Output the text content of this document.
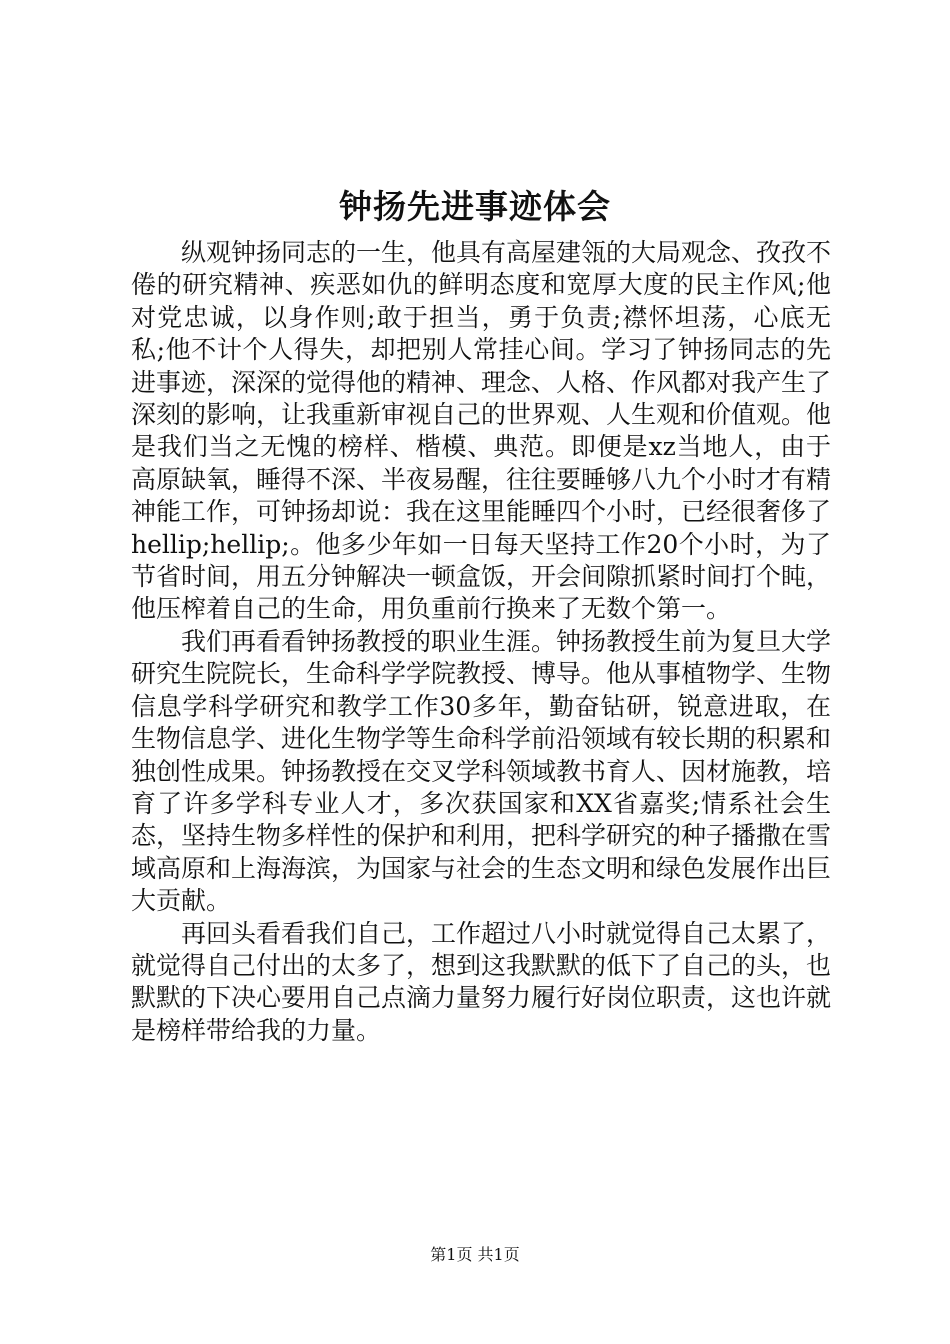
钟扬先进事迹体会

纵观钟扬同志的一生，他具有高屋建瓴的大局观念、孜孜不倦的研究精神、疾恶如仇的鲜明态度和宽厚大度的民主作风;他对党忠诚，以身作则;敢于担当，勇于负责;襟怀坦荡，心底无私;他不计个人得失，却把别人常挂心间。学习了钟扬同志的先进事迹，深深的觉得他的精神、理念、人格、作风都对我产生了深刻的影响，让我重新审视自己的世界观、人生观和价值观。他是我们当之无愧的榜样、楷模、典范。即便是xz当地人，由于高原缺氧，睡得不深、半夜易醒，往往要睡够八九个小时才有精神能工作，可钟扬却说：我在这里能睡四个小时，已经很奢侈了hellip;hellip;。他多少年如一日每天坚持工作20个小时，为了节省时间，用五分钟解决一顿盒饭，开会间隙抓紧时间打个盹，他压榨着自己的生命，用负重前行换来了无数个第一。

我们再看看钟扬教授的职业生涯。钟扬教授生前为复旦大学研究生院院长，生命科学学院教授、博导。他从事植物学、生物信息学科学研究和教学工作30多年，勤奋钻研，锐意进取，在生物信息学、进化生物学等生命科学前沿领域有较长期的积累和独创性成果。钟扬教授在交叉学科领域教书育人、因材施教，培育了许多学科专业人才，多次获国家和XX省嘉奖;情系社会生态，坚持生物多样性的保护和利用，把科学研究的种子播撒在雪域高原和上海海滨，为国家与社会的生态文明和绿色发展作出巨大贡献。

再回头看看我们自己，工作超过八小时就觉得自己太累了，就觉得自己付出的太多了，想到这我默默的低下了自己的头，也默默的下决心要用自己点滴力量努力履行好岗位职责，这也许就是榜样带给我的力量。

第1页 共1页
